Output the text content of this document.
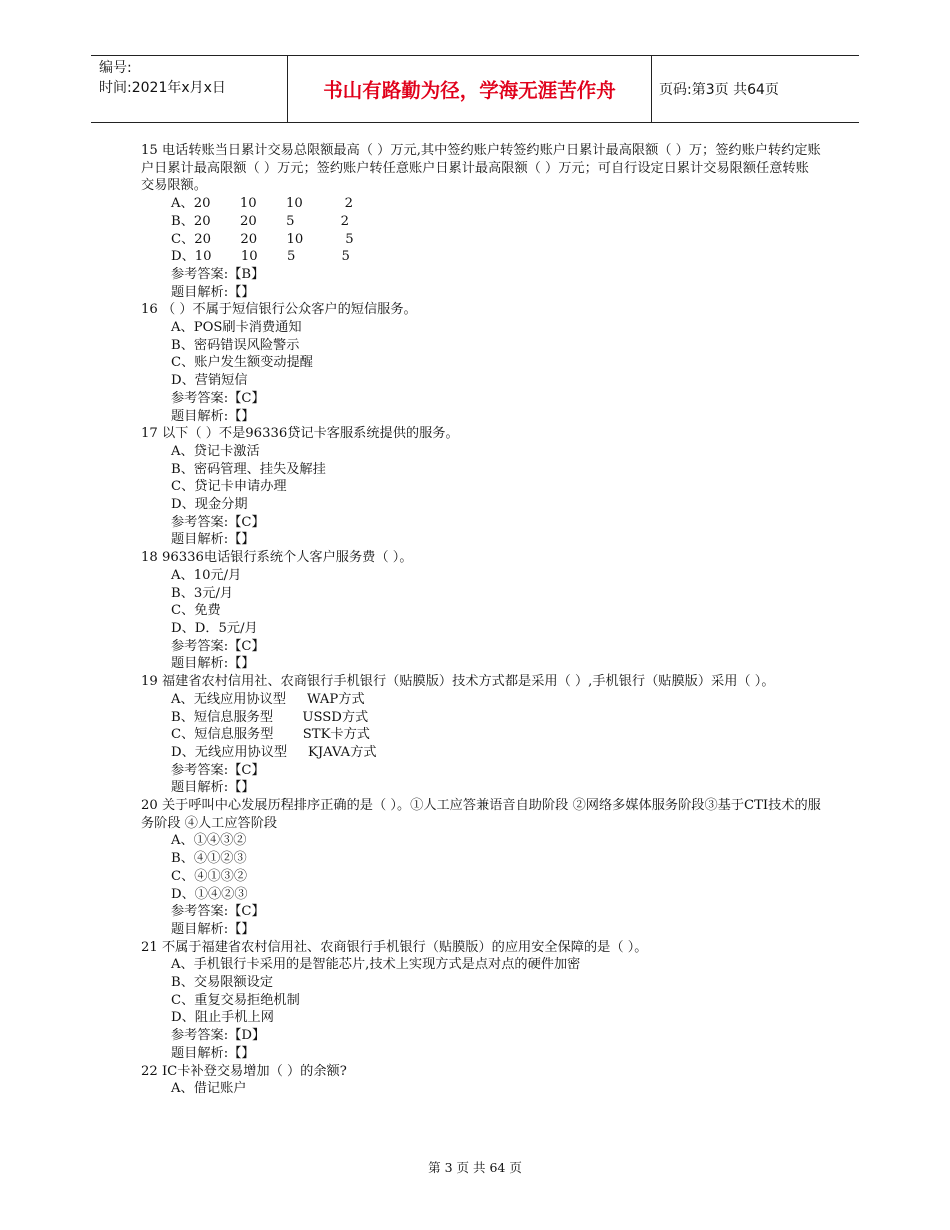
编号:
时间:2021年x月x日	书山有路勤为径，学海无涯苦作舟	页码:第3页 共64页

15 电话转账当日累计交易总限额最高（ ）万元,其中签约账户转签约账户日累计最高限额（ ）万；签约账户转约定账户日累计最高限额（ ）万元；签约账户转任意账户日累计最高限额（ ）万元；可自行设定日累计交易限额任意转账交易限额。

A、20       10       10          2

B、20       20       5           2

C、20       20       10          5

D、10       10       5           5

参考答案:【B】

题目解析:【】

16 （ ）不属于短信银行公众客户的短信服务。

A、POS刷卡消费通知

B、密码错误风险警示

C、账户发生额变动提醒

D、营销短信

参考答案:【C】

题目解析:【】

17 以下（ ）不是96336贷记卡客服系统提供的服务。

A、贷记卡激活

B、密码管理、挂失及解挂

C、贷记卡申请办理

D、现金分期

参考答案:【C】

题目解析:【】

18 96336电话银行系统个人客户服务费（ ）。

A、10元/月

B、3元/月

C、免费

D、D．5元/月

参考答案:【C】

题目解析:【】

19 福建省农村信用社、农商银行手机银行（贴膜版）技术方式都是采用（ ）,手机银行（贴膜版）采用（ ）。

A、无线应用协议型     WAP方式

B、短信息服务型       USSD方式

C、短信息服务型       STK卡方式

D、无线应用协议型     KJAVA方式

参考答案:【C】

题目解析:【】

20 关于呼叫中心发展历程排序正确的是（ ）。①人工应答兼语音自助阶段 ②网络多媒体服务阶段③基于CTI技术的服务阶段 ④人工应答阶段

A、①④③②

B、④①②③

C、④①③②

D、①④②③

参考答案:【C】

题目解析:【】

21 不属于福建省农村信用社、农商银行手机银行（贴膜版）的应用安全保障的是（ ）。

A、手机银行卡采用的是智能芯片,技术上实现方式是点对点的硬件加密

B、交易限额设定

C、重复交易拒绝机制

D、阻止手机上网

参考答案:【D】

题目解析:【】

22 IC卡补登交易增加（ ）的余额?

A、借记账户

第 3 页 共 64 页
